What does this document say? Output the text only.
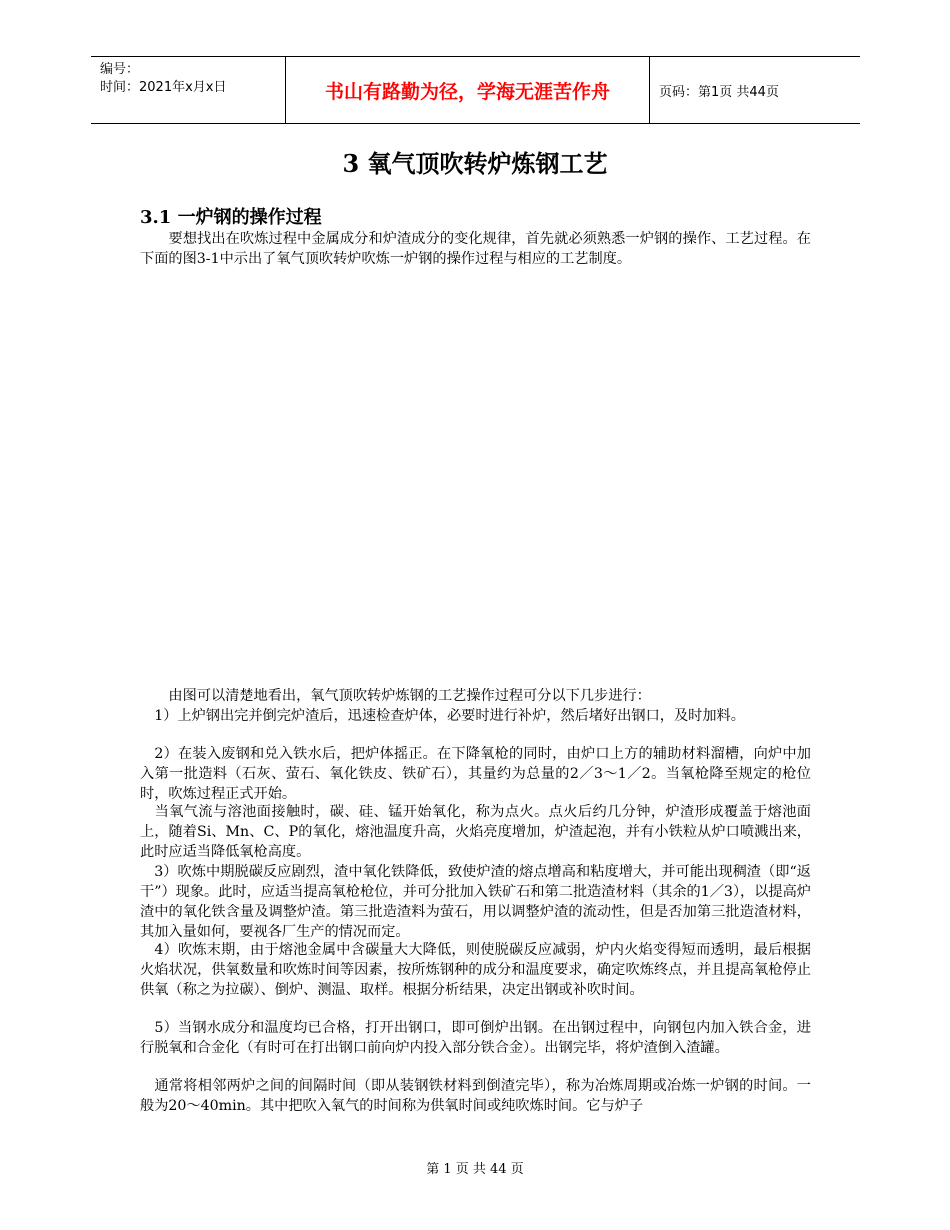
编号：
时间：2021年x月x日	书山有路勤为径，学海无涯苦作舟	页码：第1页 共44页
3 氧气顶吹转炉炼钢工艺
3.1 一炉钢的操作过程

　　要想找出在吹炼过程中金属成分和炉渣成分的变化规律，首先就必须熟悉一炉钢的操作、工艺过程。在下面的图3-1中示出了氧气顶吹转炉吹炼一炉钢的操作过程与相应的工艺制度。

　　由图可以清楚地看出，氧气顶吹转炉炼钢的工艺操作过程可分以下几步进行：

　1）上炉钢出完并倒完炉渣后，迅速检查炉体，必要时进行补炉，然后堵好出钢口，及时加料。

　2）在装入废钢和兑入铁水后，把炉体摇正。在下降氧枪的同时，由炉口上方的辅助材料溜槽，向炉中加入第一批造料（石灰、萤石、氧化铁皮、铁矿石），其量约为总量的2／3～1／2。当氧枪降至规定的枪位时，吹炼过程正式开始。

　当氧气流与溶池面接触时，碳、硅、锰开始氧化，称为点火。点火后约几分钟，炉渣形成覆盖于熔池面上，随着Si、Mn、C、P的氧化，熔池温度升高，火焰亮度增加，炉渣起泡，并有小铁粒从炉口喷溅出来，此时应适当降低氧枪高度。

　3）吹炼中期脱碳反应剧烈，渣中氧化铁降低，致使炉渣的熔点增高和粘度增大，并可能出现稠渣（即“返干”）现象。此时，应适当提高氧枪枪位，并可分批加入铁矿石和第二批造渣材料（其余的1／3），以提高炉渣中的氧化铁含量及调整炉渣。第三批造渣料为萤石，用以调整炉渣的流动性，但是否加第三批造渣材料，其加入量如何，要视各厂生产的情况而定。

　4）吹炼末期，由于熔池金属中含碳量大大降低，则使脱碳反应减弱，炉内火焰变得短而透明，最后根据火焰状况，供氧数量和吹炼时间等因素，按所炼钢种的成分和温度要求，确定吹炼终点，并且提高氧枪停止供氧（称之为拉碳）、倒炉、测温、取样。根据分析结果，决定出钢或补吹时间。

　5）当钢水成分和温度均已合格，打开出钢口，即可倒炉出钢。在出钢过程中，向钢包内加入铁合金，进行脱氧和合金化（有时可在打出钢口前向炉内投入部分铁合金）。出钢完毕，将炉渣倒入渣罐。

　通常将相邻两炉之间的间隔时间（即从装钢铁材料到倒渣完毕），称为冶炼周期或冶炼一炉钢的时间。一般为20～40min。其中把吹入氧气的时间称为供氧时间或纯吹炼时间。它与炉子

第 1 页 共 44 页
